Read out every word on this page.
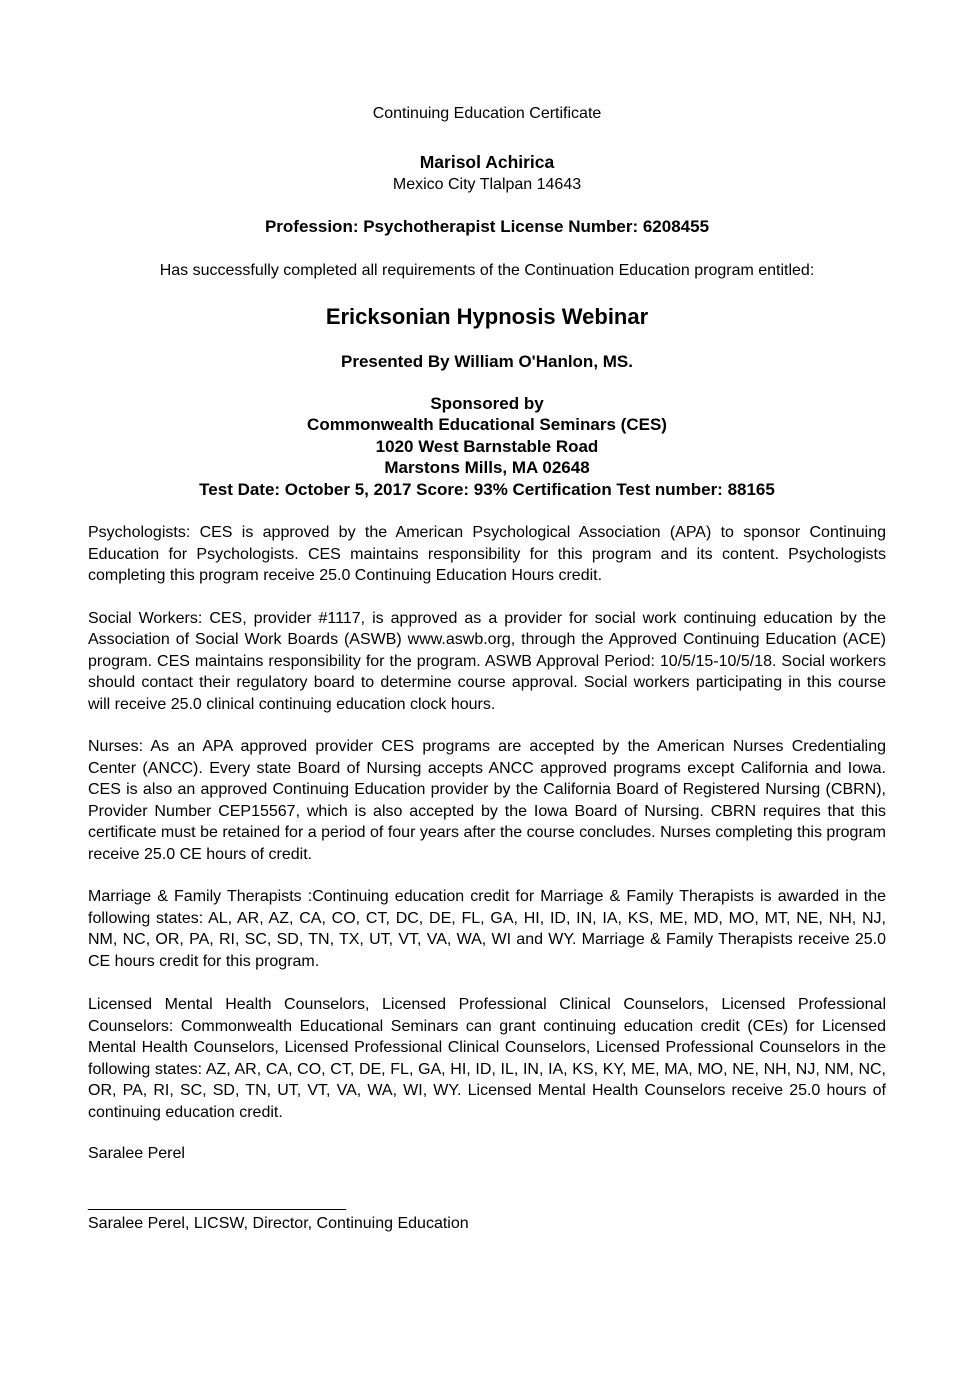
Continuing Education Certificate
Marisol Achirica
Mexico City Tlalpan 14643
Profession: Psychotherapist License Number: 6208455
Has successfully completed all requirements of the Continuation Education program entitled:
Ericksonian Hypnosis Webinar
Presented By William O'Hanlon, MS.
Sponsored by
Commonwealth Educational Seminars (CES)
1020 West Barnstable Road
Marstons Mills, MA 02648
Test Date: October 5, 2017 Score: 93% Certification Test number: 88165

Psychologists: CES is approved by the American Psychological Association (APA) to sponsor Continuing Education for Psychologists. CES maintains responsibility for this program and its content. Psychologists completing this program receive 25.0 Continuing Education Hours credit.

Social Workers: CES, provider #1117, is approved as a provider for social work continuing education by the Association of Social Work Boards (ASWB) www.aswb.org, through the Approved Continuing Education (ACE) program. CES maintains responsibility for the program. ASWB Approval Period: 10/5/15-10/5/18. Social workers should contact their regulatory board to determine course approval. Social workers participating in this course will receive 25.0 clinical continuing education clock hours.

Nurses: As an APA approved provider CES programs are accepted by the American Nurses Credentialing Center (ANCC). Every state Board of Nursing accepts ANCC approved programs except California and Iowa. CES is also an approved Continuing Education provider by the California Board of Registered Nursing (CBRN), Provider Number CEP15567, which is also accepted by the Iowa Board of Nursing. CBRN requires that this certificate must be retained for a period of four years after the course concludes. Nurses completing this program receive 25.0 CE hours of credit.

Marriage & Family Therapists :Continuing education credit for Marriage & Family Therapists is awarded in the following states: AL, AR, AZ, CA, CO, CT, DC, DE, FL, GA, HI, ID, IN, IA, KS, ME, MD, MO, MT, NE, NH, NJ, NM, NC, OR, PA, RI, SC, SD, TN, TX, UT, VT, VA, WA, WI and WY. Marriage & Family Therapists receive 25.0 CE hours credit for this program.

Licensed Mental Health Counselors, Licensed Professional Clinical Counselors, Licensed Professional Counselors: Commonwealth Educational Seminars can grant continuing education credit (CEs) for Licensed Mental Health Counselors, Licensed Professional Clinical Counselors, Licensed Professional Counselors in the following states: AZ, AR, CA, CO, CT, DE, FL, GA, HI, ID, IL, IN, IA, KS, KY, ME, MA, MO, NE, NH, NJ, NM, NC, OR, PA, RI, SC, SD, TN, UT, VT, VA, WA, WI, WY. Licensed Mental Health Counselors receive 25.0 hours of continuing education credit.

Saralee Perel
_____________________________
Saralee Perel, LICSW, Director, Continuing Education
